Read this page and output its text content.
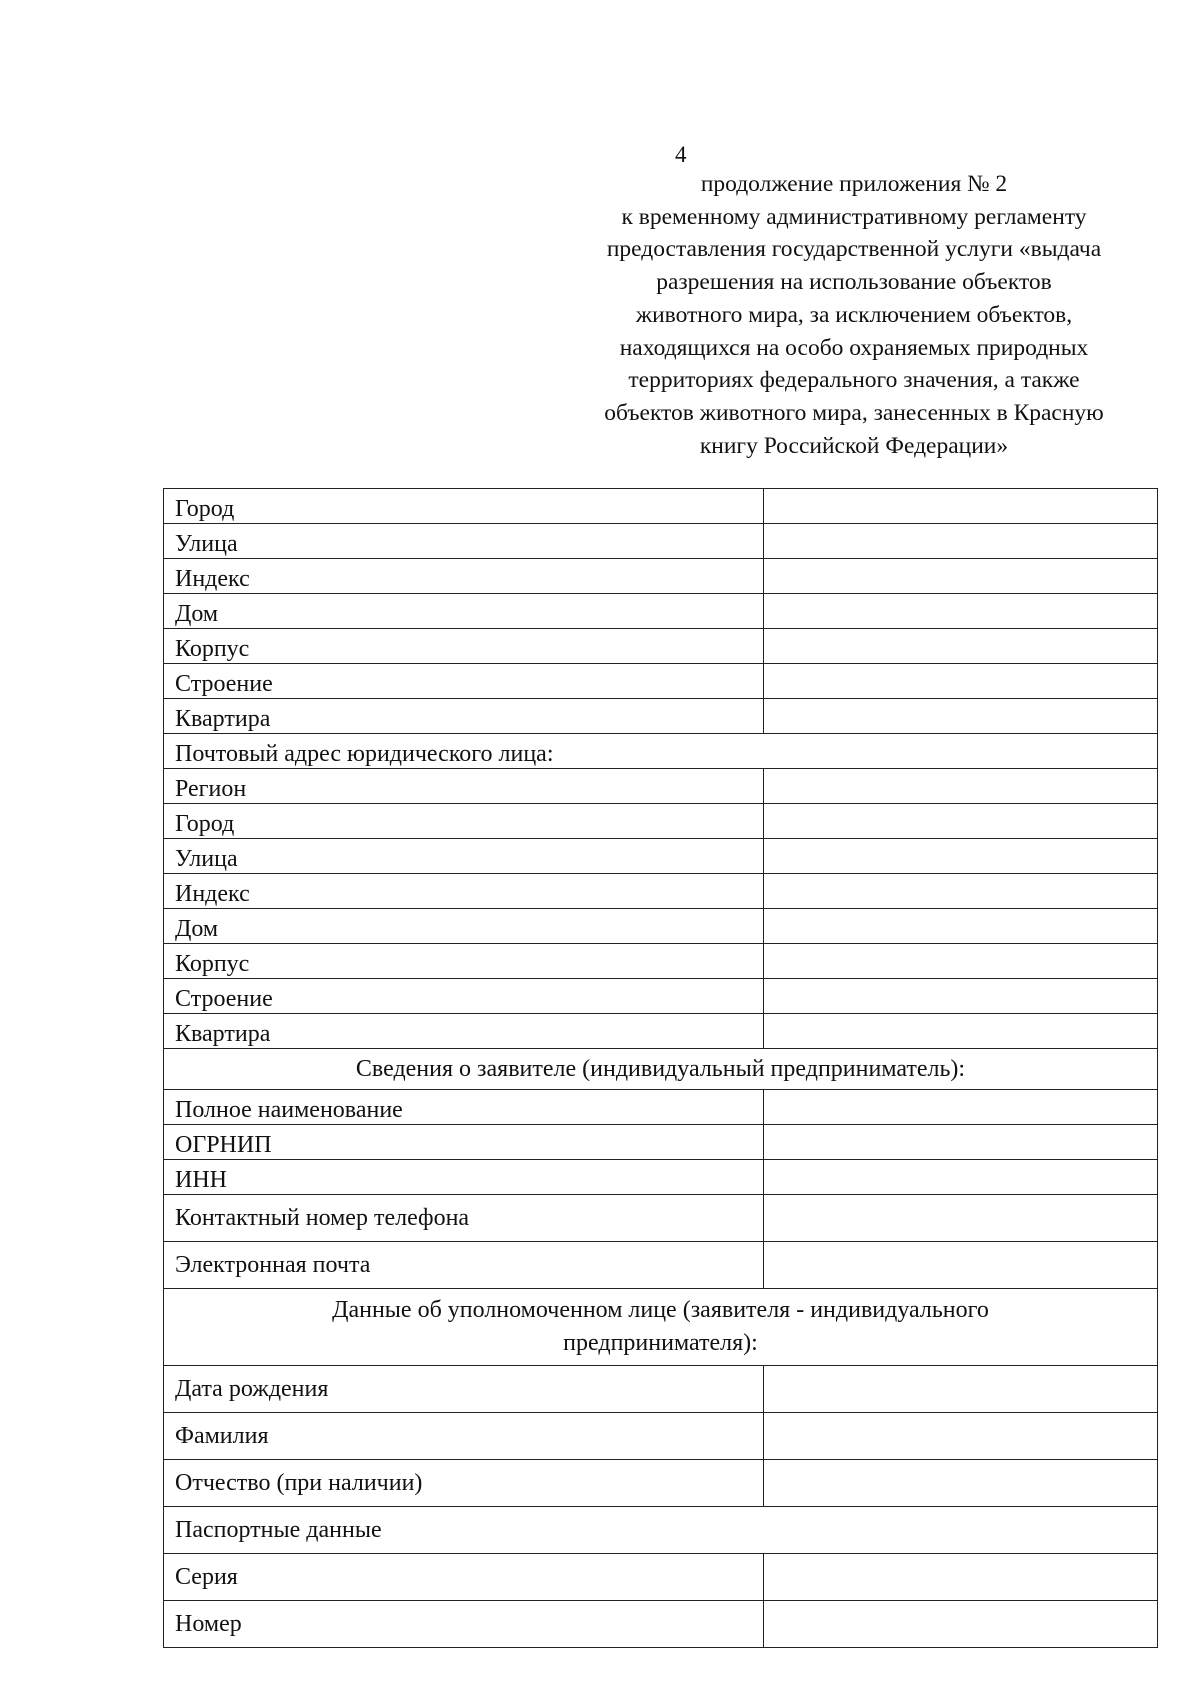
4
продолжение приложения № 2
к временному административному регламенту
предоставления государственной услуги «выдача
разрешения на использование объектов
животного мира, за исключением объектов,
находящихся на особо охраняемых природных
территориях федерального значения, а также
объектов животного мира, занесенных в Красную
книгу Российской Федерации»
Город	
Улица	
Индекс	
Дом	
Корпус	
Строение	
Квартира	
Почтовый адрес юридического лица:	
Регион	
Город	
Улица	
Индекс	
Дом	
Корпус	
Строение	
Квартира	
Сведения о заявителе (индивидуальный предприниматель):	
Полное наименование	
ОГРНИП	
ИНН	
Контактный номер телефона	
Электронная почта	
Данные об уполномоченном лице (заявителя - индивидуального предпринимателя):	
Дата рождения	
Фамилия	
Отчество (при наличии)	
Паспортные данные	
Серия	
Номер	
